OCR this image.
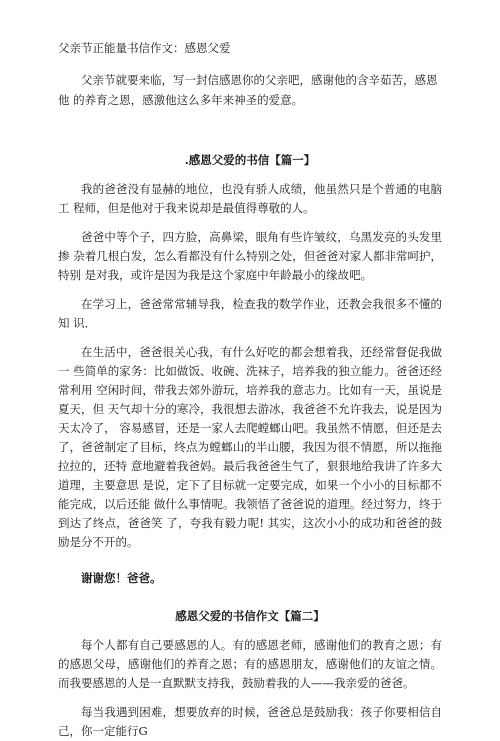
父亲节正能量书信作文：感恩父爱

父亲节就要来临，写一封信感恩你的父亲吧，感谢他的含辛茹苦，感恩他 的养育之恩，感激他这么多年来神圣的爱意。

.感恩父爱的书信【篇一】

我的爸爸没有显赫的地位，也没有骄人成绩，他虽然只是个普通的电脑工 程师，但是他对于我来说却是最值得尊敬的人。

爸爸中等个子，四方脸，高鼻梁，眼角有些许皱纹，乌黑发亮的头发里掺 杂着几根白发，怎么看都没有什么特别之处，但爸爸对家人都非常呵护，特别 是对我，或许是因为我是这个家庭中年龄最小的缘故吧。

在学习上，爸爸常常辅导我，检查我的数学作业，还教会我很多不懂的知 识．

在生活中，爸爸很关心我，有什么好吃的都会想着我，还经常督促我做一 些简单的家务：比如做饭、收碗、洗袜子，培养我的独立能力。爸爸还经常利用 空闲时间，带我去郊外游玩，培养我的意志力。比如有一天，虽说是夏天，但 天气却十分的寒冷，我很想去游冰，我爸爸不允许我去，说是因为天太冷了， 容易感冒，还是一家人去爬螳螂山吧。我虽然不情愿，但还是去了，爸爸制定了目标，终点为螳螂山的半山腰，我因为很不情愿，所以拖拖拉拉的，还特 意地避着我爸妈。最后我爸爸生气了，狠狠地给我讲了许多大道理，主要意思 是说，定下了目标就一定要完成，如果一个小小的目标都不能完成，以后还能 做什么事情呢。我领悟了爸爸说的道理。经过努力，终于到达了终点，爸爸笑 了，夸我有毅力呢! 其实，这次小小的成功和爸爸的鼓励是分不开的。

谢谢您！爸爸。
感恩父爱的书信作文【篇二】

每个人都有自己要感恩的人。有的感恩老师，感谢他们的教育之恩；有的感恩父母，感谢他们的养育之恩；有的感恩朋友，感谢他们的友谊之情。而我要感恩的人是一直默默支持我，鼓励着我的人——我亲爱的爸爸。

每当我遇到困难，想要放弃的时候，爸爸总是鼓励我：孩子你要相信自 己，你一定能行G
